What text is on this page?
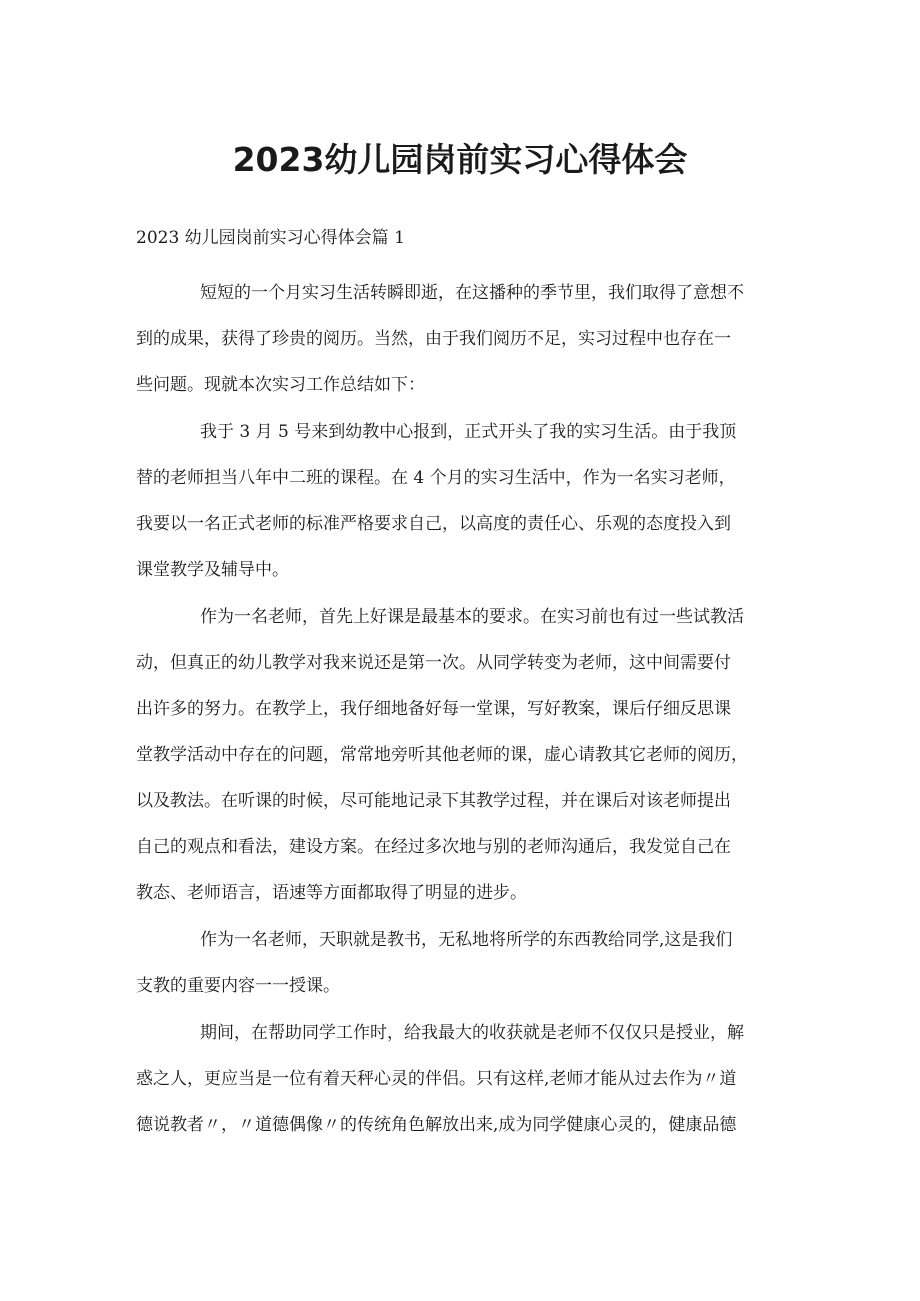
2023幼儿园岗前实习心得体会

2023 幼儿园岗前实习心得体会篇 1

短短的一个月实习生活转瞬即逝，在这播种的季节里，我们取得了意想不
到的成果，获得了珍贵的阅历。当然，由于我们阅历不足，实习过程中也存在一
些问题。现就本次实习工作总结如下：

我于 3 月 5 号来到幼教中心报到，正式开头了我的实习生活。由于我顶
替的老师担当八年中二班的课程。在 4 个月的实习生活中，作为一名实习老师，
我要以一名正式老师的标准严格要求自己，以高度的责任心、乐观的态度投入到
课堂教学及辅导中。

作为一名老师，首先上好课是最基本的要求。在实习前也有过一些试教活
动，但真正的幼儿教学对我来说还是第一次。从同学转变为老师，这中间需要付
出许多的努力。在教学上，我仔细地备好每一堂课，写好教案，课后仔细反思课
堂教学活动中存在的问题，常常地旁听其他老师的课，虚心请教其它老师的阅历，
以及教法。在听课的时候，尽可能地记录下其教学过程，并在课后对该老师提出
自己的观点和看法，建设方案。在经过多次地与别的老师沟通后，我发觉自己在
教态、老师语言，语速等方面都取得了明显的进步。

作为一名老师，天职就是教书，无私地将所学的东西教给同学,这是我们
支教的重要内容一一授课。

期间，在帮助同学工作时，给我最大的收获就是老师不仅仅只是授业，解
惑之人，更应当是一位有着天秤心灵的伴侣。只有这样,老师才能从过去作为〃道
德说教者〃，〃道德偶像〃的传统角色解放出来,成为同学健康心灵的，健康品德
